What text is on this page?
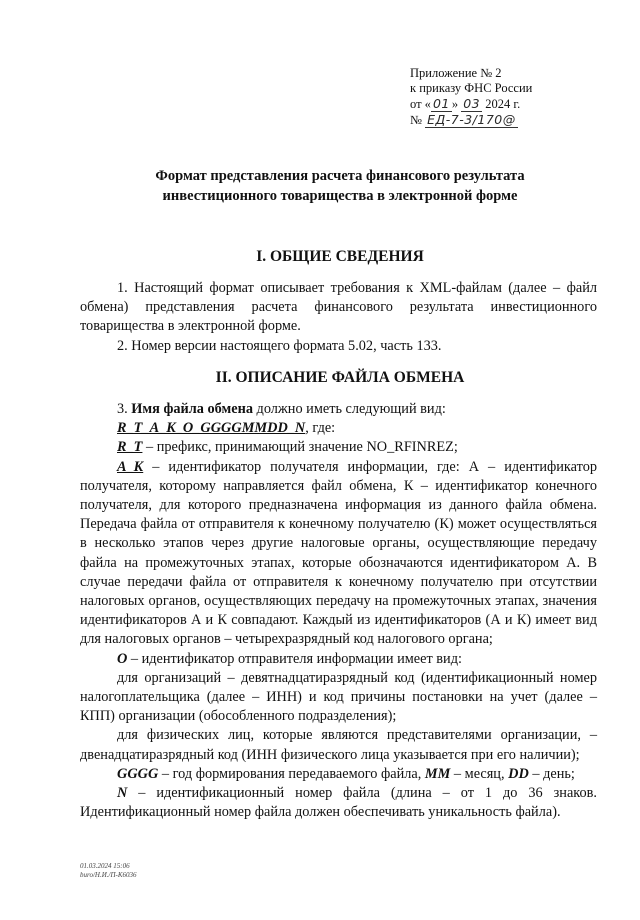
Приложение № 2
к приказу ФНС России
от « 01 » 03 2024 г.
№ ЕД-7-3/170@
Формат представления расчета финансового результата
инвестиционного товарищества в электронной форме
I. ОБЩИЕ СВЕДЕНИЯ

1. Настоящий формат описывает требования к XML-файлам (далее – файл обмена) представления расчета финансового результата инвестиционного товарищества в электронной форме.

2. Номер версии настоящего формата 5.02, часть 133.

II. ОПИСАНИЕ ФАЙЛА ОБМЕНА

3. Имя файла обмена должно иметь следующий вид:

R_T_A_K_O_GGGGMMDD_N, где:

R_T – префикс, принимающий значение NO_RFINREZ;

A_K – идентификатор получателя информации, где: А – идентификатор получателя, которому направляется файл обмена, К – идентификатор конечного получателя, для которого предназначена информация из данного файла обмена. Передача файла от отправителя к конечному получателю (К) может осуществляться в несколько этапов через другие налоговые органы, осуществляющие передачу файла на промежуточных этапах, которые обозначаются идентификатором А. В случае передачи файла от отправителя к конечному получателю при отсутствии налоговых органов, осуществляющих передачу на промежуточных этапах, значения идентификаторов А и К совпадают. Каждый из идентификаторов (А и К) имеет вид для налоговых органов – четырехразрядный код налогового органа;

O – идентификатор отправителя информации имеет вид:

для организаций – девятнадцатиразрядный код (идентификационный номер налогоплательщика (далее – ИНН) и код причины постановки на учет (далее – КПП) организации (обособленного подразделения);

для физических лиц, которые являются представителями организации, – двенадцатиразрядный код (ИНН физического лица указывается при его наличии);

GGGG – год формирования передаваемого файла, MM – месяц, DD – день;

N – идентификационный номер файла (длина – от 1 до 36 знаков. Идентификационный номер файла должен обеспечивать уникальность файла).

01.03.2024 15:06
buro/Н.И./П-К6036
